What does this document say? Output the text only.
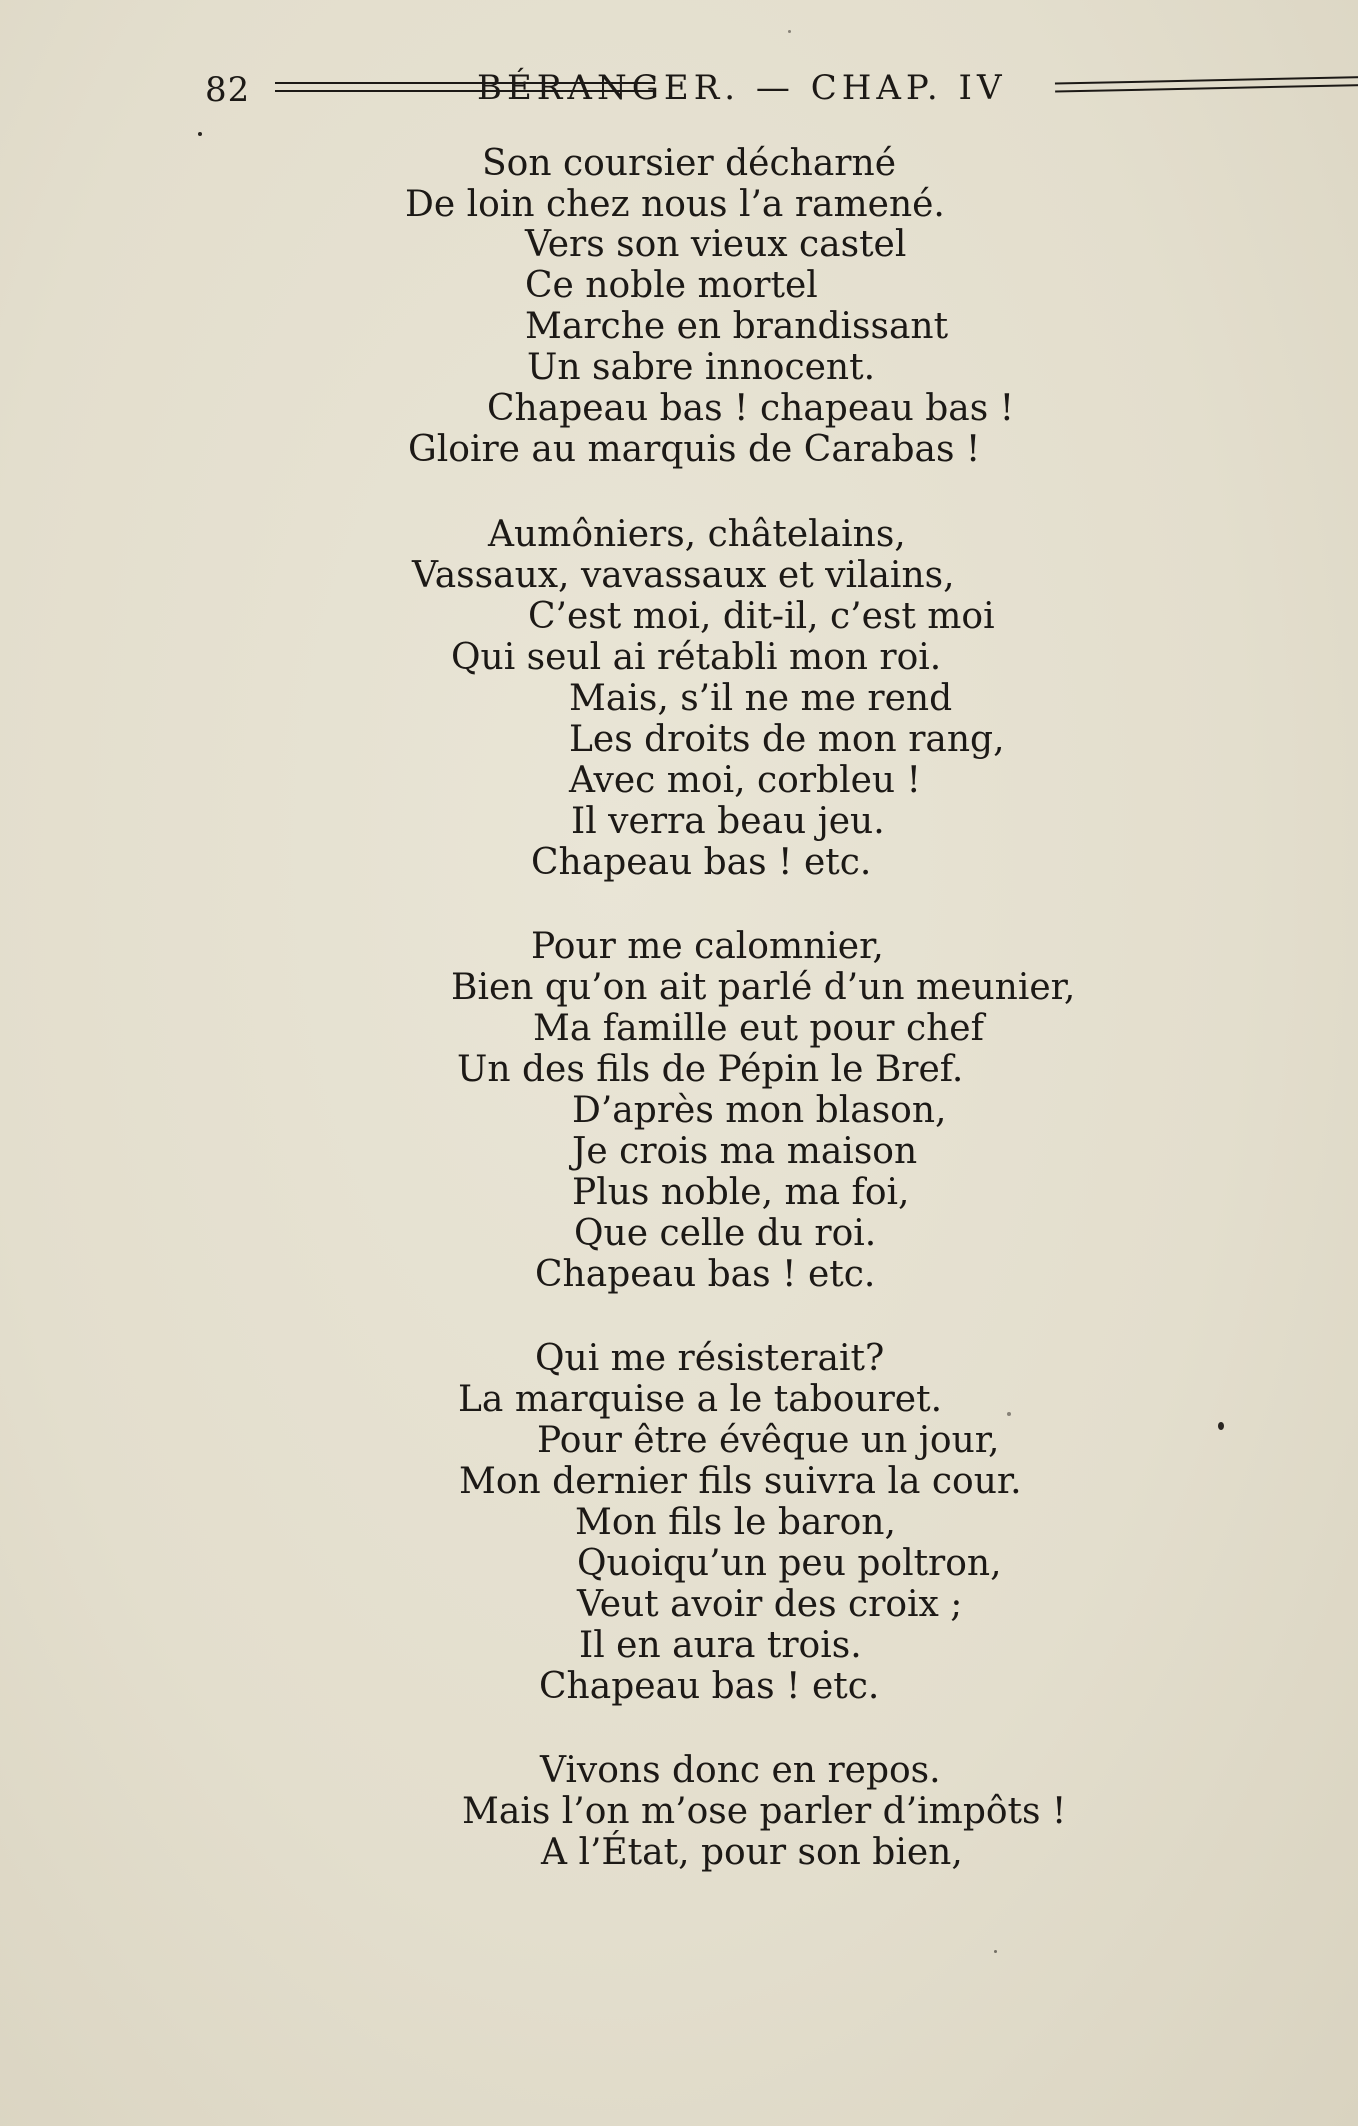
82	BÉRANGER. — CHAP. IV
Son coursier décharné
De loin chez nous l’a ramené.
Vers son vieux castel
Ce noble mortel
Marche en brandissant
Un sabre innocent.
Chapeau bas ! chapeau bas !
Gloire au marquis de Carabas !
Aumôniers, châtelains,
Vassaux, vavassaux et vilains,
C’est moi, dit-il, c’est moi
Qui seul ai rétabli mon roi.
Mais, s’il ne me rend
Les droits de mon rang,
Avec moi, corbleu !
Il verra beau jeu.
Chapeau bas ! etc.
Pour me calomnier,
Bien qu’on ait parlé d’un meunier,
Ma famille eut pour chef
Un des fils de Pépin le Bref.
D’après mon blason,
Je crois ma maison
Plus noble, ma foi,
Que celle du roi.
Chapeau bas ! etc.
Qui me résisterait?
La marquise a le tabouret.
Pour être évêque un jour,
Mon dernier fils suivra la cour.
Mon fils le baron,
Quoiqu’un peu poltron,
Veut avoir des croix ;
Il en aura trois.
Chapeau bas ! etc.
Vivons donc en repos.
Mais l’on m’ose parler d’impôts !
A l’État, pour son bien,
